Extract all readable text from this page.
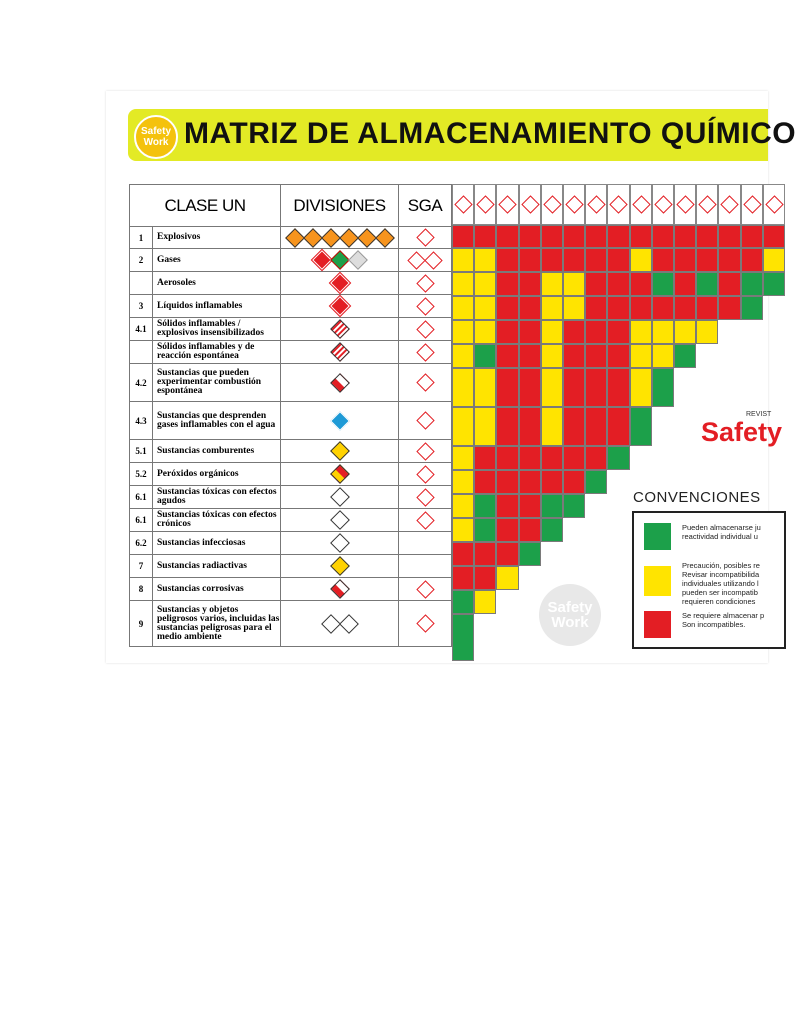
Safety Work MATRIZ DE ALMACENAMIENTO QUÍMICO
CLASE UN		DIVISIONES	SGA
1	Explosivos		
2	Gases		
	Aerosoles		
3	Líquidos inflamables		
4.1	Sólidos inflamables / explosivos insensibilizados		
	Sólidos inflamables y de reacción espontánea		
4.2	Sustancias que pueden experimentar combustión espontánea		
4.3	Sustancias que desprenden gases inflamables con el agua		
5.1	Sustancias comburentes		
5.2	Peróxidos orgánicos		
6.1	Sustancias tóxicas con efectos agudos		
6.1	Sustancias tóxicas con efectos crónicos		
6.2	Sustancias infecciosas		
7	Sustancias radiactivas		
8	Sustancias corrosivas		
9	Sustancias y objetos peligrosos varios, incluidas las sustancias peligrosas para el medio ambiente		
REVIST
Safety
CONVENCIONES
Pueden almacenarse ju
reactividad individual u
Precaución, posibles re
Revisar incompatibilida
individuales utilizando l
pueden ser incompatib
requieren condiciones
Se requiere almacenar p
Son incompatibles.
Safety Work
